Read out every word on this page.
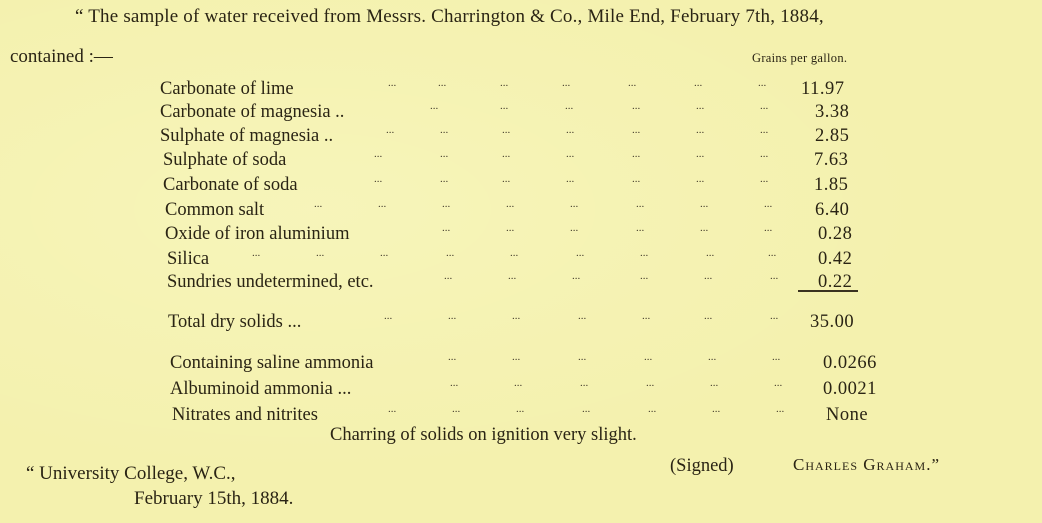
“ The sample of water received from Messrs. Charrington & Co., Mile End, February 7th, 1884,
contained :—	Grains per gallon.
Carbonate of lime	...	...	...	...	...	...	... 11.97
Carbonate of magnesia ..	...	...	...	...	...	...	3.38
Sulphate of magnesia ..	...	...	...	...	...	...	...	2.85
Sulphate of soda	...	...	...	...	...	...	... 7.63
Carbonate of soda	...	...	...	...	...	...	... 1.85
Common salt	...	...	...	...	...	...	...	... 6.40
Oxide of iron aluminium	...	...	...	...	...	... 0.28
Silica	...	...	...	...	...	...	...	...	... 0.42
Sundries undetermined, etc.	...	...	...	...	...	... 0.22
Total dry solids ...	...	...	...	...	...	...	... 35.00
Containing saline ammonia	...	...	...	...	...	... 0.0266
Albuminoid ammonia ...	...	...	...	...	...	... 0.0021
Nitrates and nitrites	...	...	...	...	...	...	... None
Charring of solids on ignition very slight.
“ University College, W.C.,
February 15th, 1884.
(Signed)	Charles Graham.”
